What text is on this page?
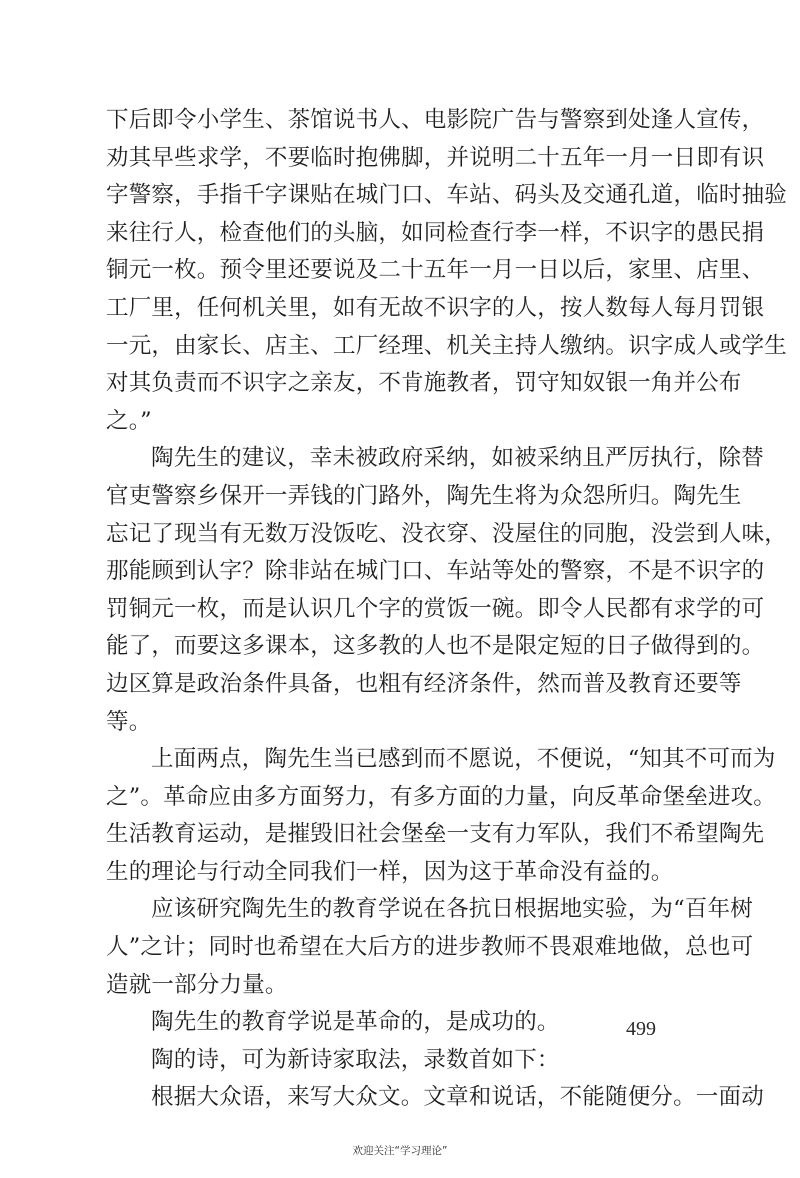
下后即令小学生、茶馆说书人、电影院广告与警察到处逢人宣传，
劝其早些求学，不要临时抱佛脚，并说明二十五年一月一日即有识
字警察，手指千字课贴在城门口、车站、码头及交通孔道，临时抽验
来往行人，检查他们的头脑，如同检查行李一样，不识字的愚民捐
铜元一枚。预令里还要说及二十五年一月一日以后，家里、店里、
工厂里，任何机关里，如有无故不识字的人，按人数每人每月罚银
一元，由家长、店主、工厂经理、机关主持人缴纳。识字成人或学生
对其负责而不识字之亲友，不肯施教者，罚守知奴银一角并公布
之。”
陶先生的建议，幸未被政府采纳，如被采纳且严厉执行，除替
官吏警察乡保开一弄钱的门路外，陶先生将为众怨所归。陶先生
忘记了现当有无数万没饭吃、没衣穿、没屋住的同胞，没尝到人味，
那能顾到认字？除非站在城门口、车站等处的警察，不是不识字的
罚铜元一枚，而是认识几个字的赏饭一碗。即令人民都有求学的可
能了，而要这多课本，这多教的人也不是限定短的日子做得到的。
边区算是政治条件具备，也粗有经济条件，然而普及教育还要等
等。
上面两点，陶先生当已感到而不愿说，不便说，“知其不可而为
之”。革命应由多方面努力，有多方面的力量，向反革命堡垒进攻。
生活教育运动，是摧毁旧社会堡垒一支有力军队，我们不希望陶先
生的理论与行动全同我们一样，因为这于革命没有益的。
应该研究陶先生的教育学说在各抗日根据地实验，为“百年树
人”之计；同时也希望在大后方的进步教师不畏艰难地做，总也可
造就一部分力量。
陶先生的教育学说是革命的，是成功的。
陶的诗，可为新诗家取法，录数首如下：
根据大众语，来写大众文。文章和说话，不能随便分。一面动
499
欢迎关注“学习理论”
